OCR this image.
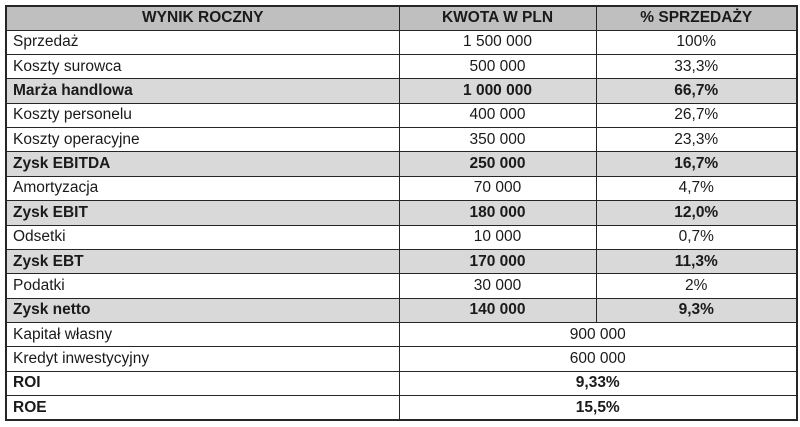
WYNIK ROCZNY	KWOTA W PLN	% SPRZEDAŻY
Sprzedaż	1 500 000	100%
Koszty surowca	500 000	33,3%
Marża handlowa	1 000 000	66,7%
Koszty personelu	400 000	26,7%
Koszty operacyjne	350 000	23,3%
Zysk EBITDA	250 000	16,7%
Amortyzacja	70 000	4,7%
Zysk EBIT	180 000	12,0%
Odsetki	10 000	0,7%
Zysk EBT	170 000	11,3%
Podatki	30 000	2%
Zysk netto	140 000	9,3%
Kapitał własny	900 000	
Kredyt inwestycyjny	600 000	
ROI	9,33%	
ROE	15,5%	
